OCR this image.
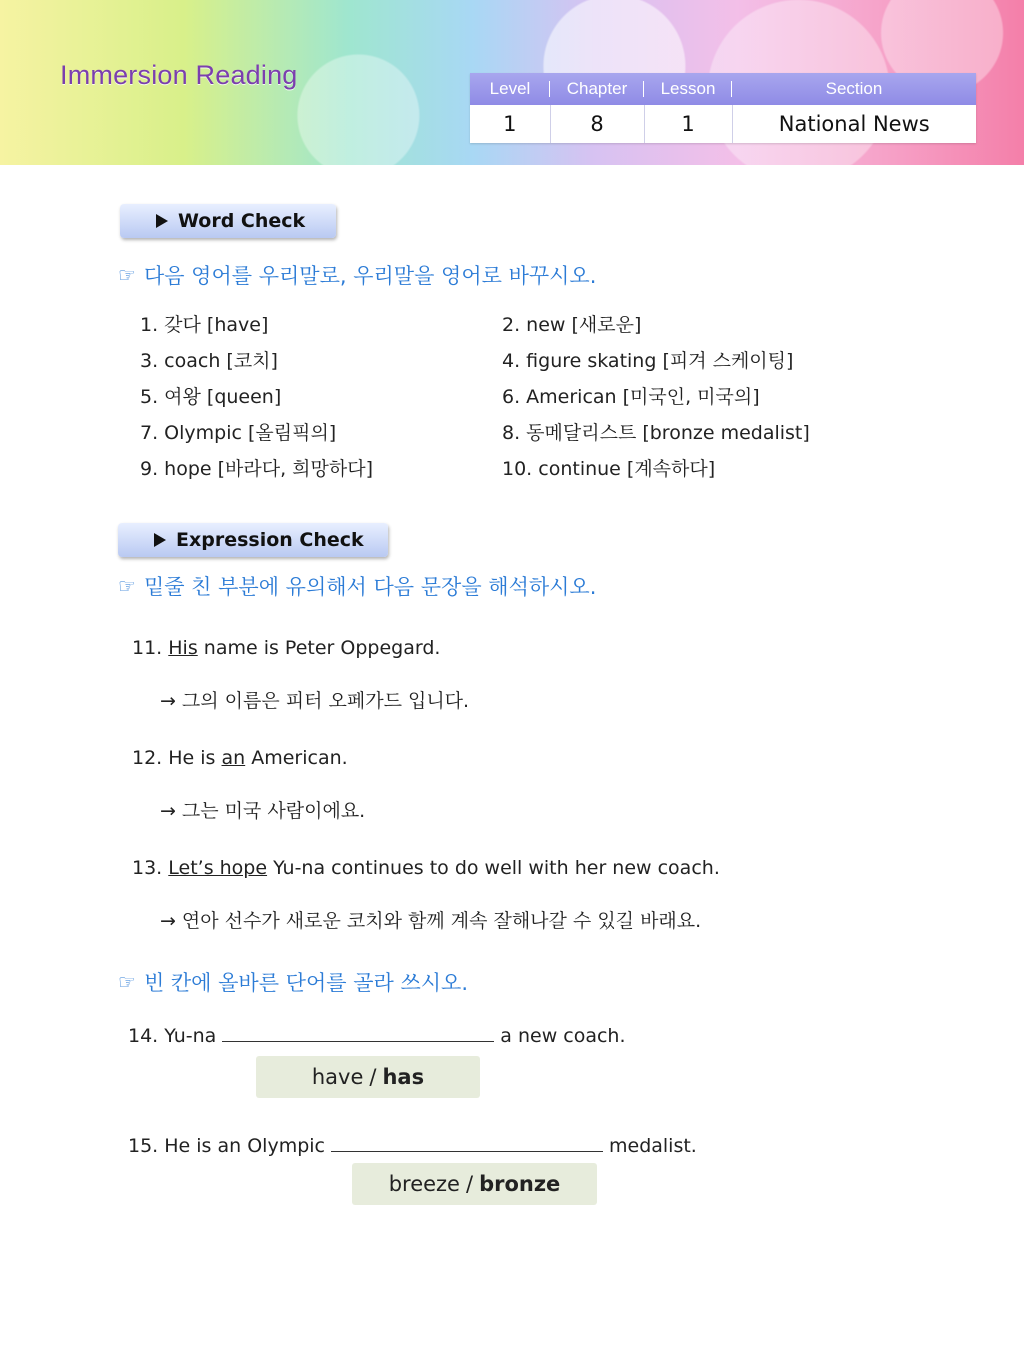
Immersion Reading	Level	Chapter	Lesson	Section
1	8	1	National News
Word Check
☞ 다음 영어를 우리말로, 우리말을 영어로 바꾸시오.
1. 갖다 [have]	2. new [새로운]
3. coach [코치]	4. figure skating [피겨 스케이팅]
5. 여왕 [queen]	6. American [미국인, 미국의]
7. Olympic [올림픽의]	8. 동메달리스트 [bronze medalist]
9. hope [바라다, 희망하다]	10. continue [계속하다]
Expression Check
☞ 밑줄 친 부분에 유의해서 다음 문장을 해석하시오.
11. His name is Peter Oppegard.
→ 그의 이름은 피터 오페가드 입니다.
12. He is an American.
→ 그는 미국 사람이에요.
13. Let’s hope Yu-na continues to do well with her new coach.
→ 연아 선수가 새로운 코치와 함께 계속 잘해나갈 수 있길 바래요.
☞ 빈 칸에 올바른 단어를 골라 쓰시오.
14. Yu-na	a new coach.
have / has
15. He is an Olympic	medalist.
breeze / bronze
